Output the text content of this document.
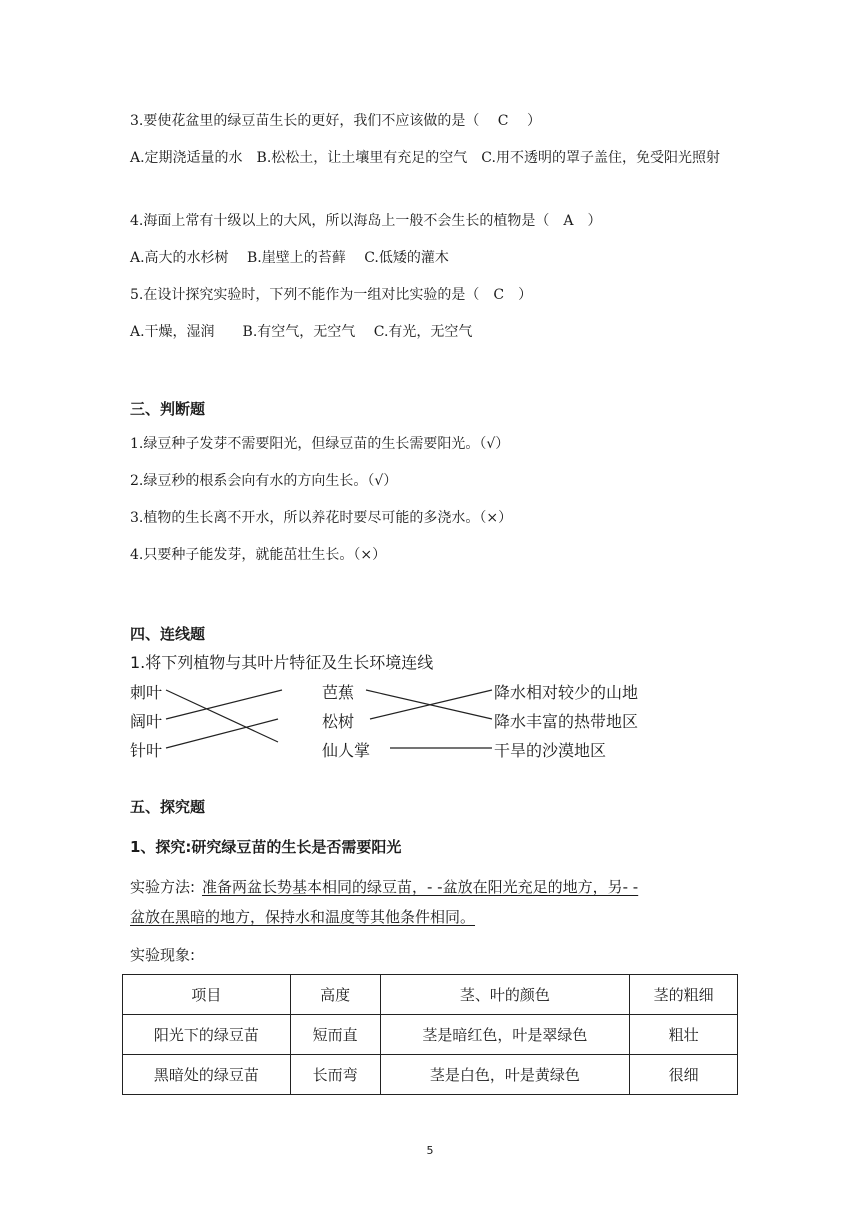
3.要使花盆里的绿豆苗生长的更好，我们不应该做的是（　 C　 ）
A.定期浇适量的水　B.松松土，让土壤里有充足的空气　C.用不透明的罩子盖住，免受阳光照射
4.海面上常有十级以上的大风，所以海岛上一般不会生长的植物是（　A　）
A.高大的水杉树　 B.崖壁上的苔藓　 C.低矮的灌木
5.在设计探究实验时，下列不能作为一组对比实验的是（　C　）
A.干燥，湿润　　B.有空气，无空气　 C.有光，无空气
三、判断题
1.绿豆种子发芽不需要阳光，但绿豆苗的生长需要阳光。（√）
2.绿豆秒的根系会向有水的方向生长。（√）
3.植物的生长离不开水，所以养花时要尽可能的多浇水。（×）
4.只要种子能发芽，就能茁壮生长。（×）
四、连线题
1.将下列植物与其叶片特征及生长环境连线
刺叶
阔叶
针叶
芭蕉
松树
仙人掌
降水相对较少的山地
降水丰富的热带地区
干旱的沙漠地区
五、探究题
1、探究:研究绿豆苗的生长是否需要阳光
实验方法: 准备两盆长势基本相同的绿豆苗，- -盆放在阳光充足的地方，另- -
盆放在黑暗的地方，保持水和温度等其他条件相同。
实验现象:
项目	高度	茎、叶的颜色	茎的粗细
阳光下的绿豆苗	短而直	茎是暗红色，叶是翠绿色	粗壮
黑暗处的绿豆苗	长而弯	茎是白色，叶是黄绿色	很细
5
